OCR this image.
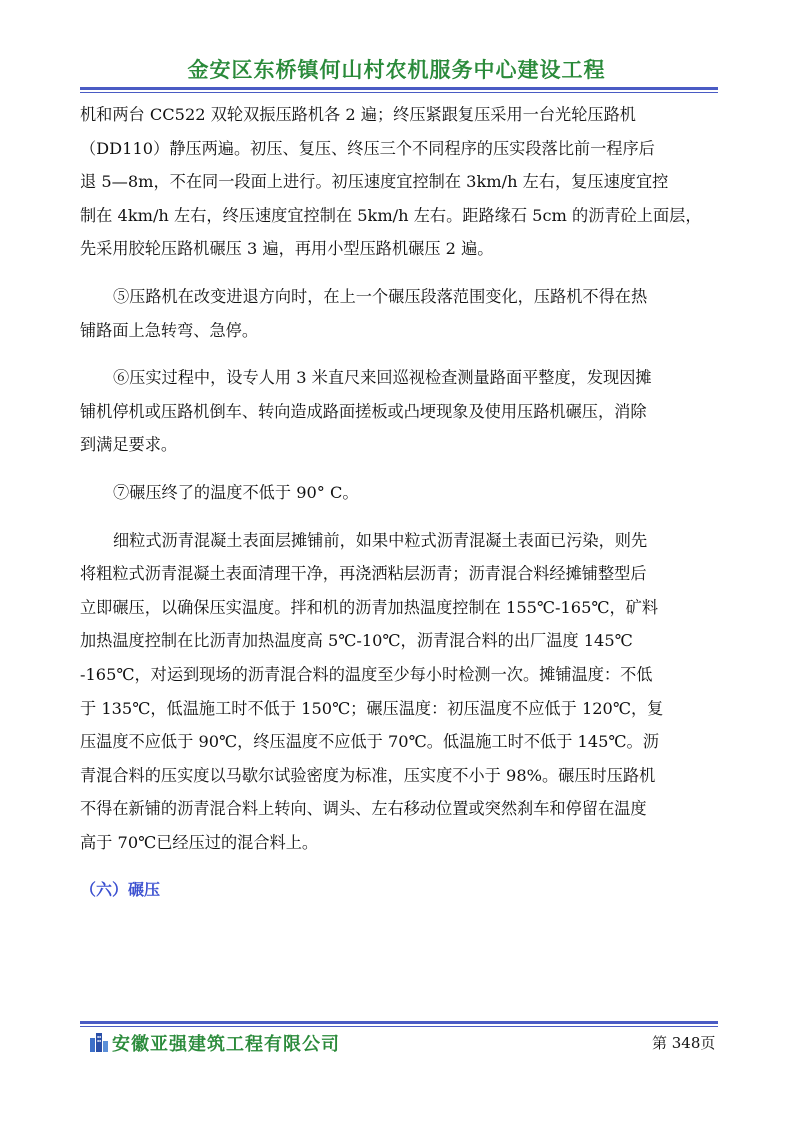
金安区东桥镇何山村农机服务中心建设工程
机和两台 CC522 双轮双振压路机各 2 遍；终压紧跟复压采用一台光轮压路机
（DD110）静压两遍。初压、复压、终压三个不同程序的压实段落比前一程序后
退 5—8m，不在同一段面上进行。初压速度宜控制在 3km/h 左右，复压速度宜控
制在 4km/h 左右，终压速度宜控制在 5km/h 左右。距路缘石 5cm 的沥青砼上面层，
先采用胶轮压路机碾压 3 遍，再用小型压路机碾压 2 遍。
⑤压路机在改变进退方向时，在上一个碾压段落范围变化，压路机不得在热
铺路面上急转弯、急停。
⑥压实过程中，设专人用 3 米直尺来回巡视检查测量路面平整度，发现因摊
铺机停机或压路机倒车、转向造成路面搓板或凸埂现象及使用压路机碾压，消除
到满足要求。
⑦碾压终了的温度不低于 90° C。
细粒式沥青混凝土表面层摊铺前，如果中粒式沥青混凝土表面已污染，则先
将粗粒式沥青混凝土表面清理干净，再浇洒粘层沥青；沥青混合料经摊铺整型后
立即碾压，以确保压实温度。拌和机的沥青加热温度控制在 155℃-165℃，矿料
加热温度控制在比沥青加热温度高 5℃-10℃，沥青混合料的出厂温度 145℃
-165℃，对运到现场的沥青混合料的温度至少每小时检测一次。摊铺温度：不低
于 135℃，低温施工时不低于 150℃；碾压温度：初压温度不应低于 120℃，复
压温度不应低于 90℃，终压温度不应低于 70℃。低温施工时不低于 145℃。沥
青混合料的压实度以马歇尔试验密度为标准，压实度不小于 98%。碾压时压路机
不得在新铺的沥青混合料上转向、调头、左右移动位置或突然刹车和停留在温度
高于 70℃已经压过的混合料上。
（六）碾压
安徽亚强建筑工程有限公司	第 348页
